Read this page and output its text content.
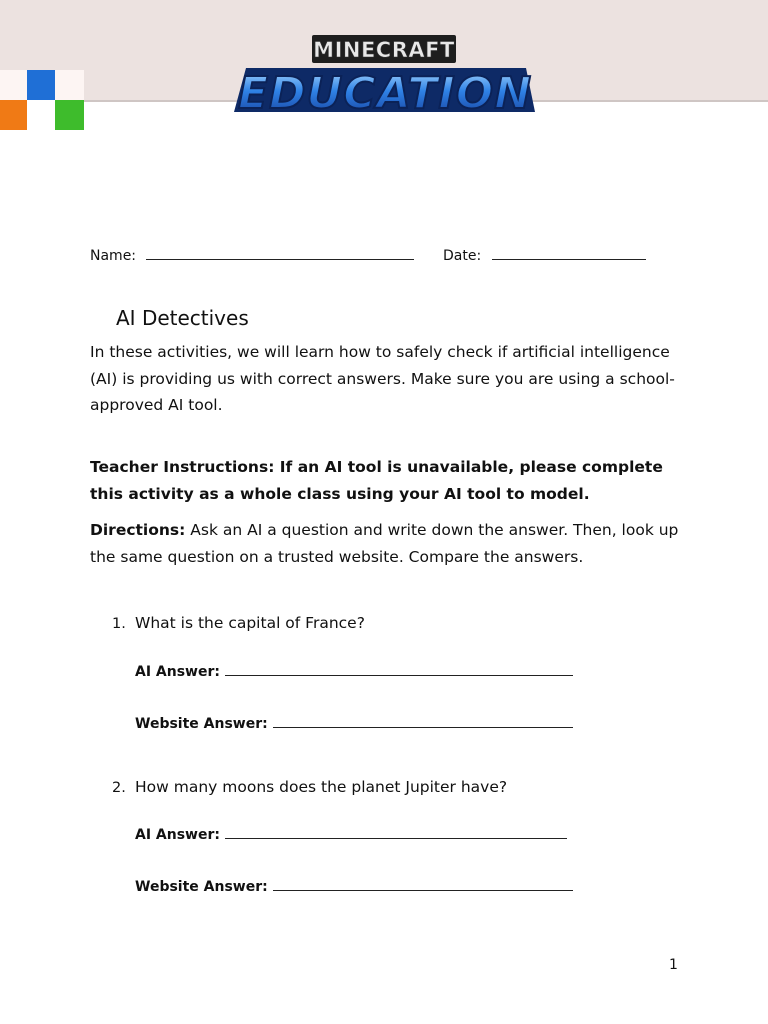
MINECRAFT
EDUCATION
Name:	Date:
AI Detectives
In these activities, we will learn how to safely check if artificial intelligence (AI) is providing us with correct answers. Make sure you are using a school-approved AI tool.
Teacher Instructions: If an AI tool is unavailable, please complete this activity as a whole class using your AI tool to model.
Directions: Ask an AI a question and write down the answer. Then, look up the same question on a trusted website. Compare the answers.
1. What is the capital of France?
AI Answer:
Website Answer:
2. How many moons does the planet Jupiter have?
AI Answer:
Website Answer:
1
